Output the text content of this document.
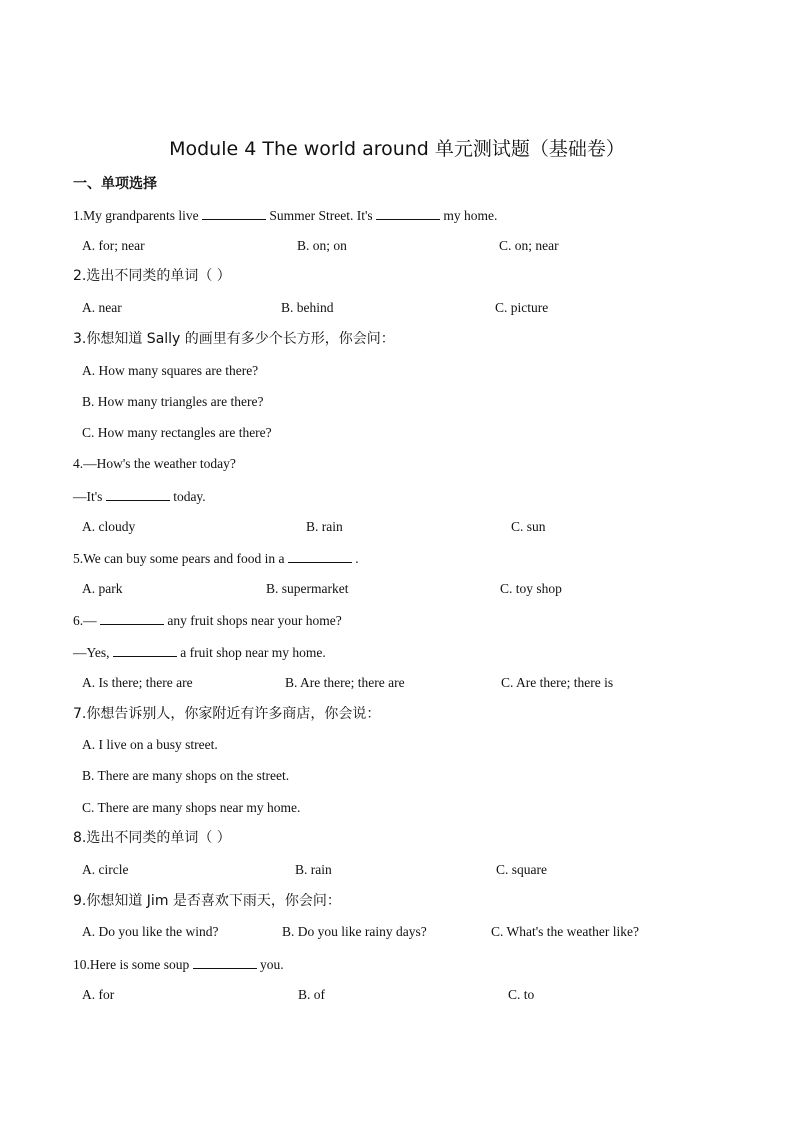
Module 4 The world around 单元测试题（基础卷）
一、单项选择
1.My grandparents live	Summer Street. It's	my home.
A. for; near	B. on; on	C. on; near
2.选出不同类的单词（ ）
A. near	B. behind	C. picture
3.你想知道 Sally 的画里有多少个长方形，你会问：
A. How many squares are there?
B. How many triangles are there?
C. How many rectangles are there?
4.—How's the weather today?
—It's	today.
A. cloudy	B. rain	C. sun
5.We can buy some pears and food in a	.
A. park	B. supermarket	C. toy shop
6.—	any fruit shops near your home?
—Yes,	a fruit shop near my home.
A. Is there; there are	B. Are there; there are	C. Are there; there is
7.你想告诉别人，你家附近有许多商店，你会说：
A. I live on a busy street.
B. There are many shops on the street.
C. There are many shops near my home.
8.选出不同类的单词（ ）
A. circle	B. rain	C. square
9.你想知道 Jim 是否喜欢下雨天，你会问：
A. Do you like the wind?	B. Do you like rainy days?	C. What's the weather like?
10.Here is some soup	you.
A. for	B. of	C. to
